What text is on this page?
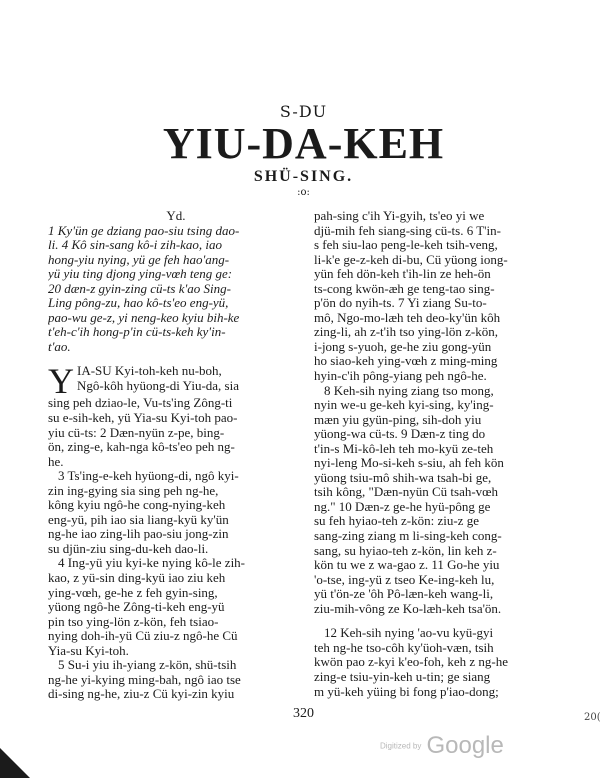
S-DU
YIU-DA-KEH
SHÜ-SING.
:o:
Yd.
1 Ky'ün ge dziang pao-siu tsing dao-
li. 4 Kô sin-sang kô-i zih-kao, iao
hong-yiu nying, yü ge feh hao'ang-
yü yiu ting djong ying-vœh teng ge:
20 dæn-z gyin-zing cü-ts k'ao Sing-
Ling pông-zu, hao kô-ts'eo eng-yü,
pao-wu ge-z, yi neng-keo kyiu bih-ke
t'eh-c'ih hong-p'in cü-ts-keh ky'in-
t'ao.
Y IA-SU Kyi-toh-keh nu-boh,
Ngô-kôh hyüong-di Yiu-da, sia
sing peh dziao-le, Vu-ts'ing Zông-ti
su e-sih-keh, yü Yia-su Kyi-toh pao-
yiu cü-ts: 2 Dæn-nyün z-pe, bing-
ön, zing-e, kah-nga kô-ts'eo peh ng-
he.
3 Ts'ing-e-keh hyüong-di, ngô kyi-
zin ing-gying sia sing peh ng-he,
kông kyiu ngô-he cong-nying-keh
eng-yü, pih iao sia liang-kyü ky'ün
ng-he iao zing-lih pao-siu jong-zin
su djün-ziu sing-du-keh dao-li.
4 Ing-yü yiu kyi-ke nying kô-le zih-
kao, z yü-sin ding-kyü iao ziu keh
ying-vœh, ge-he z feh gyin-sing,
yüong ngô-he Zông-ti-keh eng-yü
pin tso ying-lön z-kön, feh tsiao-
nying doh-ih-yü Cü ziu-z ngô-he Cü
Yia-su Kyi-toh.
5 Su-i yiu ih-yiang z-kön, shü-tsih
ng-he yi-kying ming-bah, ngô iao tse
di-sing ng-he, ziu-z Cü kyi-zin kyiu
pah-sing c'ih Yi-gyih, ts'eo yi we
djü-mih feh siang-sing cü-ts. 6 T'in-
s feh siu-lao peng-le-keh tsih-veng,
li-k'e ge-z-keh di-bu, Cü yüong iong-
yün feh dön-keh t'ih-lin ze heh-ön
ts-cong kwön-æh ge teng-tao sing-
p'ön do nyih-ts. 7 Yi ziang Su-to-
mô, Ngo-mo-læh teh deo-ky'ün kôh
zing-li, ah z-t'ih tso ying-lön z-kön,
i-jong s-yuoh, ge-he ziu gong-yün
ho siao-keh ying-vœh z ming-ming
hyin-c'ih pông-yiang peh ngô-he.
8 Keh-sih nying ziang tso mong,
nyin we-u ge-keh kyi-sing, ky'ing-
mæn yiu gyün-ping, sih-doh yiu
yüong-wa cü-ts. 9 Dæn-z ting do
t'in-s Mi-kô-leh teh mo-kyü ze-teh
nyi-leng Mo-si-keh s-siu, ah feh kön
yüong tsiu-mô shih-wa tsah-bi ge,
tsih kông, "Dæn-nyün Cü tsah-vœh
ng." 10 Dæn-z ge-he hyü-pông ge
su feh hyiao-teh z-kön: ziu-z ge
sang-zing ziang m li-sing-keh cong-
sang, su hyiao-teh z-kön, lin keh z-
kön tu we z wa-gao z. 11 Go-he yiu
'o-tse, ing-yü z tseo Ke-ing-keh lu,
yü t'ön-ze 'ôh Pô-læn-keh wang-li,
ziu-mih-vông ze Ko-læh-keh tsa'ön.
12 Keh-sih nying 'ao-vu kyü-gyi
teh ng-he tso-côh ky'üoh-væn, tsih
kwön pao z-kyi k'eo-foh, keh z ng-he
zing-e tsiu-yin-keh u-tin; ge siang
m yü-keh yüing bi fong p'iao-dong;
320	20(
Digitized by Google
